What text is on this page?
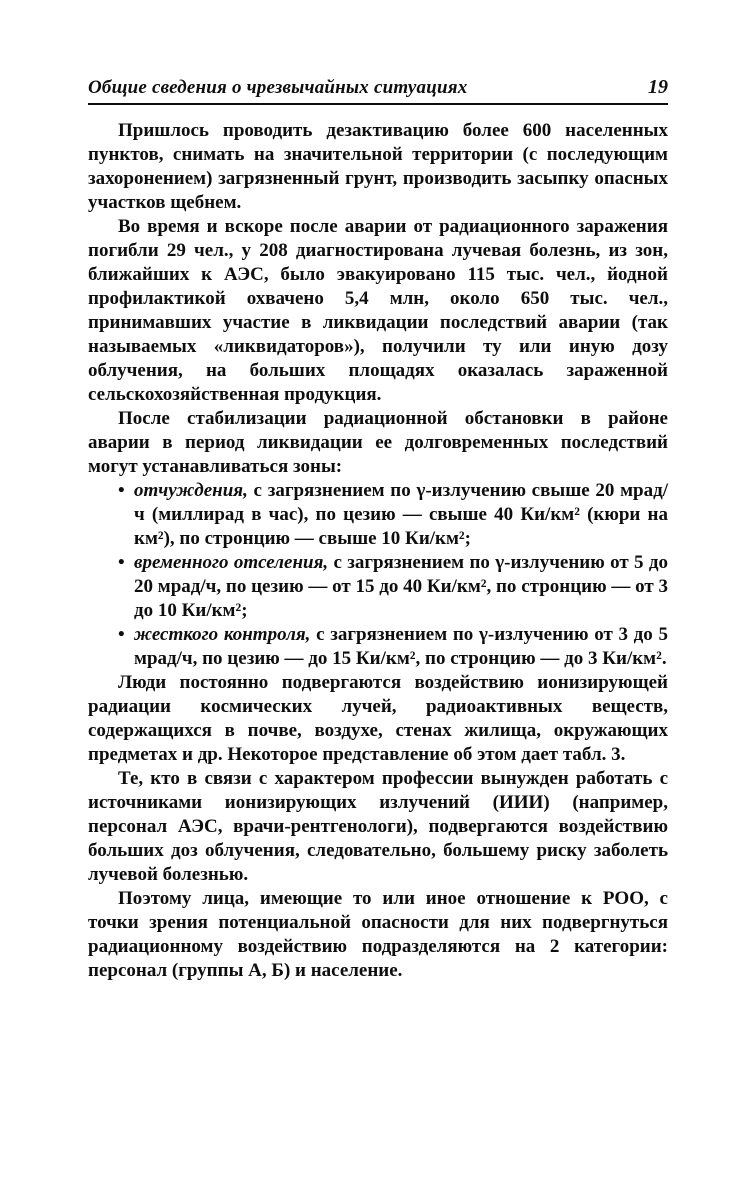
Общие сведения о чрезвычайных ситуациях	19

Пришлось проводить дезактивацию более 600 населенных пунктов, снимать на значительной территории (с последующим захоронением) загрязненный грунт, производить засыпку опасных участков щебнем.

Во время и вскоре после аварии от радиационного заражения погибли 29 чел., у 208 диагностирована лучевая болезнь, из зон, ближайших к АЭС, было эвакуировано 115 тыс. чел., йодной профилактикой охвачено 5,4 млн, около 650 тыс. чел., принимавших участие в ликвидации последствий аварии (так называемых «ликвидаторов»), получили ту или иную дозу облучения, на больших площадях оказалась зараженной сельскохозяйственная продукция.

После стабилизации радиационной обстановки в районе аварии в период ликвидации ее долговременных последствий могут устанавливаться зоны:

• отчуждения, с загрязнением по γ-излучению свыше 20 мрад/ч (миллирад в час), по цезию — свыше 40 Ки/км² (кюри на км²), по стронцию — свыше 10 Ки/км²;
• временного отселения, с загрязнением по γ-излучению от 5 до 20 мрад/ч, по цезию — от 15 до 40 Ки/км², по стронцию — от 3 до 10 Ки/км²;
• жесткого контроля, с загрязнением по γ-излучению от 3 до 5 мрад/ч, по цезию — до 15 Ки/км², по стронцию — до 3 Ки/км².

Люди постоянно подвергаются воздействию ионизирующей радиации космических лучей, радиоактивных веществ, содержащихся в почве, воздухе, стенах жилища, окружающих предметах и др. Некоторое представление об этом дает табл. 3.

Те, кто в связи с характером профессии вынужден работать с источниками ионизирующих излучений (ИИИ) (например, персонал АЭС, врачи-рентгенологи), подвергаются воздействию больших доз облучения, следовательно, большему риску заболеть лучевой болезнью.

Поэтому лица, имеющие то или иное отношение к РОО, с точки зрения потенциальной опасности для них подвергнуться радиационному воздействию подразделяются на 2 категории: персонал (группы А, Б) и население.
